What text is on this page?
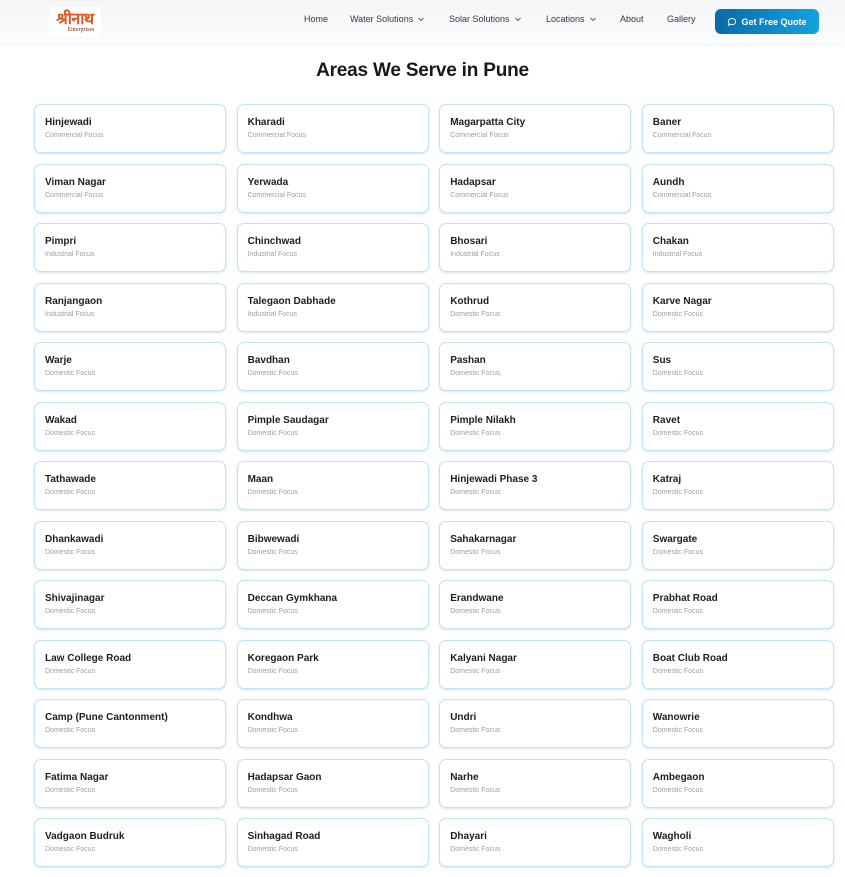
श्रीनाथ
Enterprises
Home Water Solutions	Solar Solutions	Locations	About	Gallery	Get Free Quote
Areas We Serve in Pune
Hinjewadi
Commercial Focus
Kharadi
Commercial Focus
Magarpatta City
Commercial Focus
Baner
Commercial Focus
Viman Nagar
Commercial Focus
Yerwada
Commercial Focus
Hadapsar
Commercial Focus
Aundh
Commercial Focus
Pimpri
Industrial Focus
Chinchwad
Industrial Focus
Bhosari
Industrial Focus
Chakan
Industrial Focus
Ranjangaon
Industrial Focus
Talegaon Dabhade
Industrial Focus
Kothrud
Domestic Focus
Karve Nagar
Domestic Focus
Warje
Domestic Focus
Bavdhan
Domestic Focus
Pashan
Domestic Focus
Sus
Domestic Focus
Wakad
Domestic Focus
Pimple Saudagar
Domestic Focus
Pimple Nilakh
Domestic Focus
Ravet
Domestic Focus
Tathawade
Domestic Focus
Maan
Domestic Focus
Hinjewadi Phase 3
Domestic Focus
Katraj
Domestic Focus
Dhankawadi
Domestic Focus
Bibwewadi
Domestic Focus
Sahakarnagar
Domestic Focus
Swargate
Domestic Focus
Shivajinagar
Domestic Focus
Deccan Gymkhana
Domestic Focus
Erandwane
Domestic Focus
Prabhat Road
Domestic Focus
Law College Road
Domestic Focus
Koregaon Park
Domestic Focus
Kalyani Nagar
Domestic Focus
Boat Club Road
Domestic Focus
Camp (Pune Cantonment)
Domestic Focus
Kondhwa
Domestic Focus
Undri
Domestic Focus
Wanowrie
Domestic Focus
Fatima Nagar
Domestic Focus
Hadapsar Gaon
Domestic Focus
Narhe
Domestic Focus
Ambegaon
Domestic Focus
Vadgaon Budruk
Domestic Focus
Sinhagad Road
Domestic Focus
Dhayari
Domestic Focus
Wagholi
Domestic Focus
